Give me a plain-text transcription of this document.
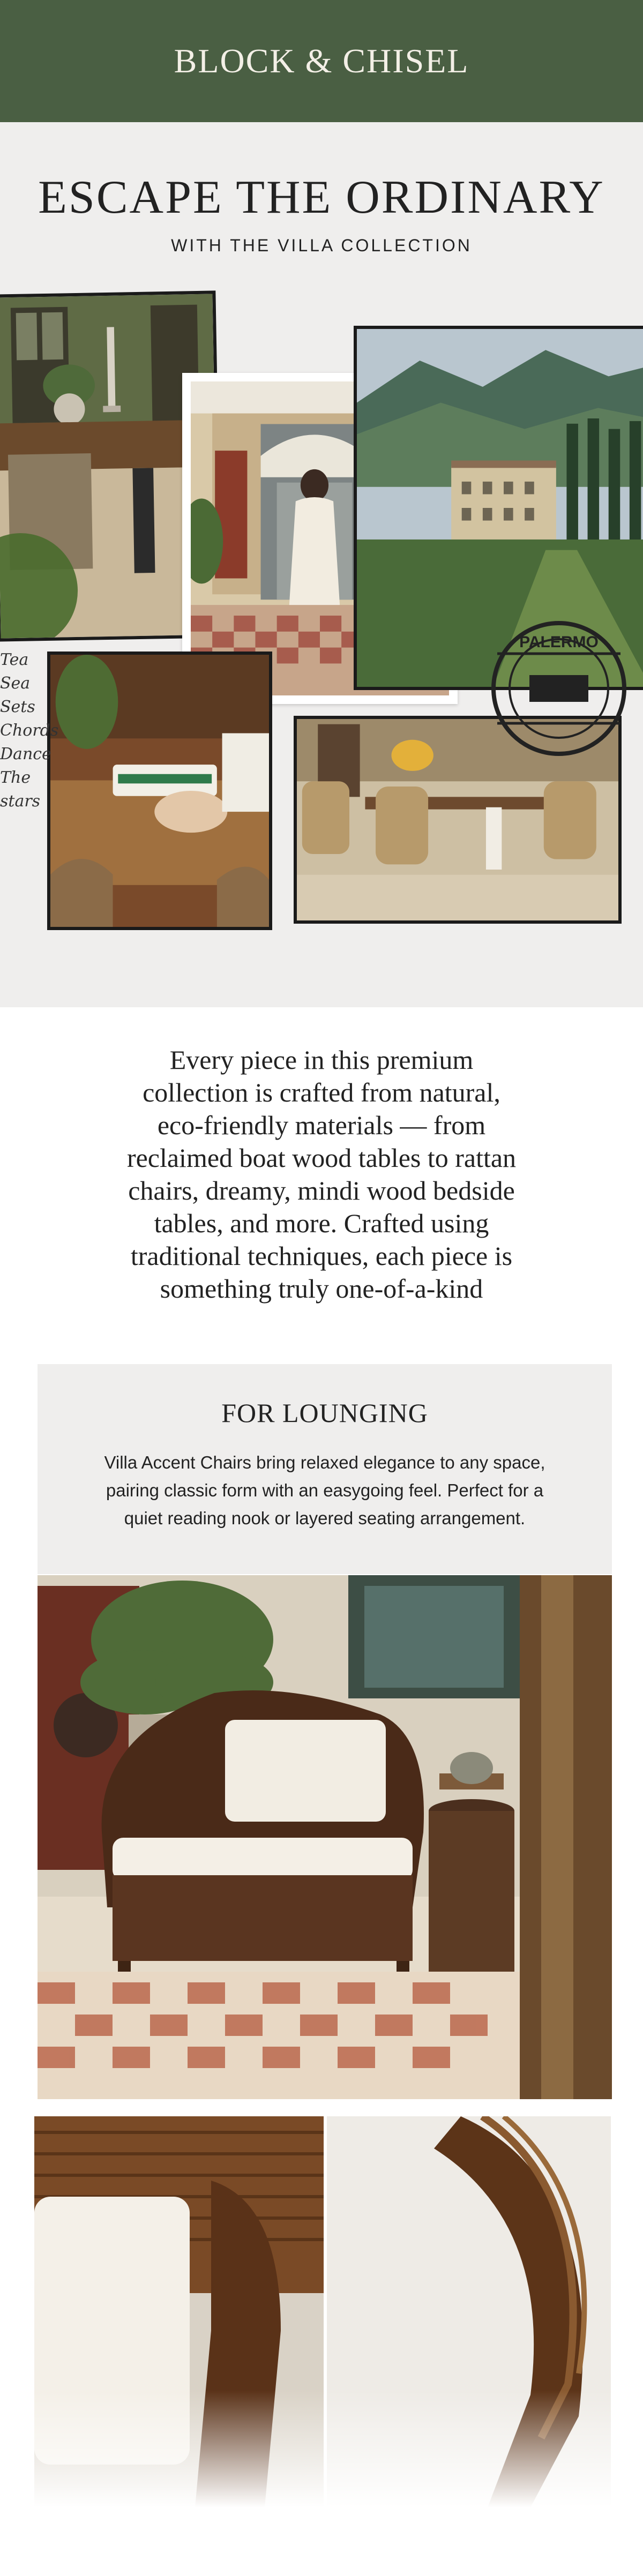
BLOCK & CHISEL
ESCAPE THE ORDINARY
WITH THE VILLA COLLECTION
PALERMO
Tea
Sea Sets
Chords
Dance
The stars
Every piece in this premium
collection is crafted from natural,
eco-friendly materials — from
reclaimed boat wood tables to rattan
chairs, dreamy, mindi wood bedside
tables, and more. Crafted using
traditional techniques, each piece is
something truly one-of-a-kind
FOR LOUNGING
Villa Accent Chairs bring relaxed elegance to any space,
pairing classic form with an easygoing feel. Perfect for a
quiet reading nook or layered seating arrangement.
